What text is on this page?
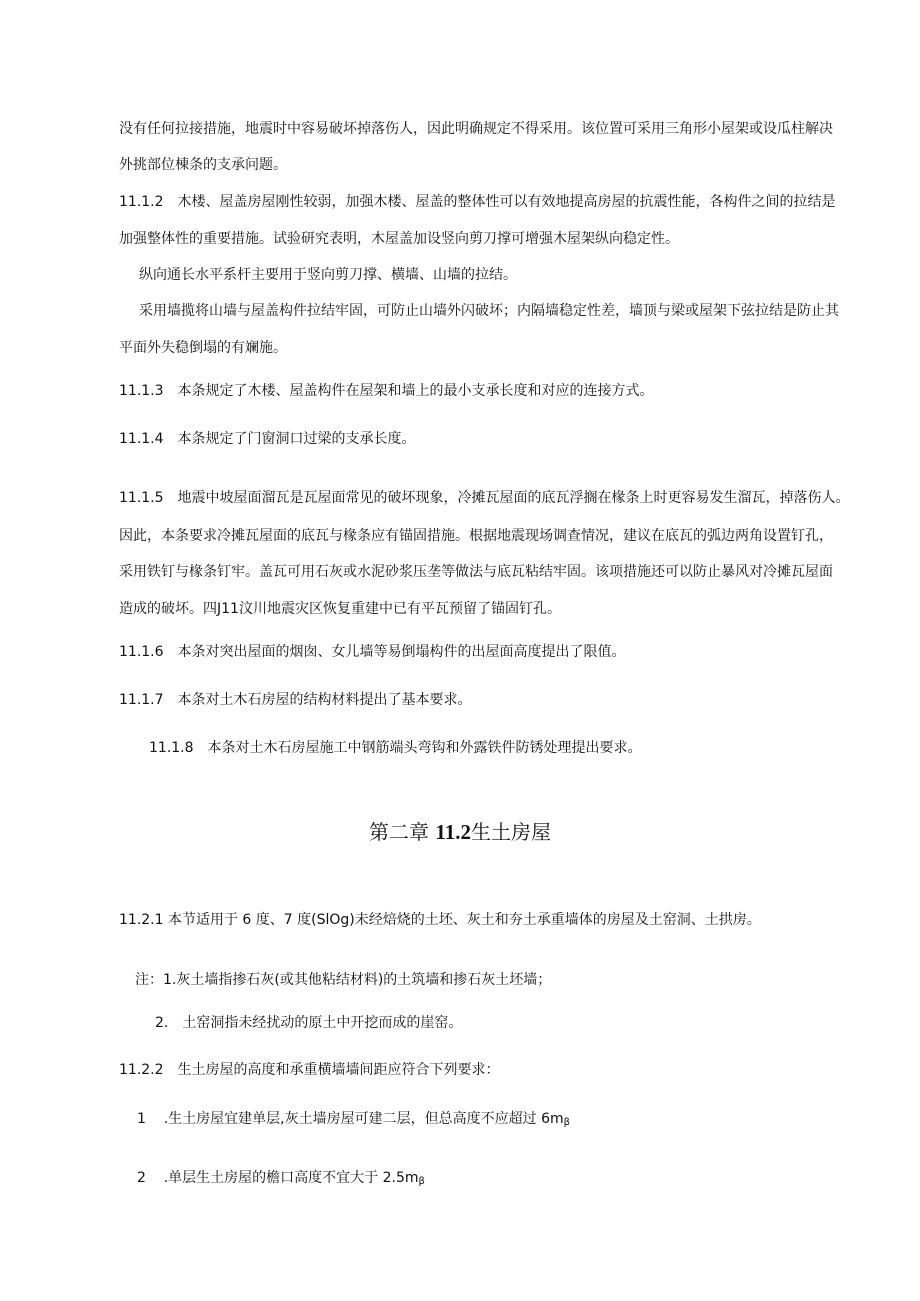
没有任何拉接措施，地震时中容易破坏掉落伤人，因此明确规定不得采用。该位置可采用三角形小屋架或设瓜柱解决
外挑部位棟条的支承问题。
11.1.2　木楼、屋盖房屋刚性较弱，加强木楼、屋盖的整体性可以有效地提高房屋的抗震性能，各构件之间的拉结是
加强整体性的重要措施。试验研究表明，木屋盖加设竖向剪刀撑可增强木屋架纵向稳定性。
纵向通长水平系杆主要用于竖向剪刀撑、横墙、山墙的拉结。
采用墙揽将山墙与屋盖构件拉结牢固，可防止山墙外闪破坏；内隔墙稳定性差，墙顶与梁或屋架下弦拉结是防止其
平面外失稳倒塌的有斓施。
11.1.3　本条规定了木楼、屋盖构件在屋架和墙上的最小支承长度和对应的连接方式。
11.1.4　本条规定了门窗洞口过梁的支承长度。
11.1.5　地震中坡屋面溜瓦是瓦屋面常见的破坏现象，冷摊瓦屋面的底瓦浮搁在椽条上时更容易发生溜瓦，掉落伤人。
因此，本条要求冷摊瓦屋面的底瓦与椽条应有锚固措施。根据地震现场调查情况，建议在底瓦的弧边两角设置钉孔，
采用铁钉与椽条钉牢。盖瓦可用石灰或水泥砂浆压垄等做法与底瓦粘结牢固。该项措施还可以防止暴风对冷摊瓦屋面
造成的破坏。四J11汶川地震灾区恢复重建中已有平瓦预留了锚固钉孔。
11.1.6　本条对突出屋面的烟囱、女儿墙等易倒塌构件的出屋面高度提出了限值。
11.1.7　本条对土木石房屋的结构材料提出了基本要求。
11.1.8　本条对土木石房屋施工中钢筋端头弯钩和外露铁件防锈处理提出要求。
第二章 11.2生土房屋
11.2.1 本节适用于 6 度、7 度(SlOg)未经焙烧的土坯、灰土和夯土承重墙体的房屋及土窑洞、土拱房。
注：1.灰土墙指掺石灰(或其他粘结材料)的土筑墙和掺石灰土坯墙；
2.　土窑洞指未经扰动的原土中开挖而成的崖窑。
11.2.2　生土房屋的高度和承重横墙墙间距应符合下列要求：
1 .生土房屋宜建单层,灰土墙房屋可建二层，但总高度不应超过 $6m_\beta$
2 .单层生土房屋的檐口高度不宜大于 $2.5m_\beta$
